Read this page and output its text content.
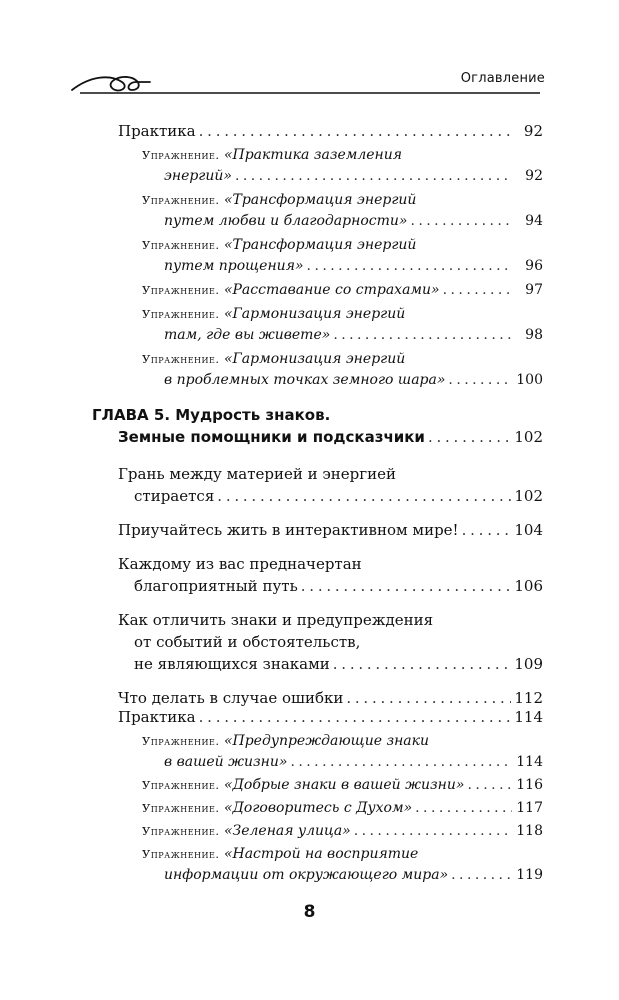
Оглавление
Практика . . .	92
Упражнение.
«Практика заземления
энергий» . . .	92
Упражнение.
«Трансформация энергий
путем любви и благодарности» . . .	94
Упражнение.
«Трансформация энергий
путем прощения» . . .	96
Упражнение.
«Расставание со страхами» . . .	97
Упражнение.
«Гармонизация энергий
там, где вы живете» . . .	98
Упражнение.
«Гармонизация энергий
в проблемных точках земного шара» . . .	100
ГЛАВА 5. Мудрость знаков.
Земные помощники и подсказчики . . .	102
Грань между материей и энергией
стирается . . .	102
Приучайтесь жить в интерактивном мире! . . .	104
Каждому из вас предначертан
благоприятный путь . . .	106
Как отличить знаки и предупреждения
от событий и обстоятельств,
не являющихся знаками . . .	109
Что делать в случае ошибки . . .	112
Практика . . .	114
Упражнение.
«Предупреждающие знаки
в вашей жизни» . . .	114
Упражнение.
«Добрые знаки в вашей жизни» . . .	116
Упражнение.
«Договоритесь с Духом» . . .	117
Упражнение.
«Зеленая улица» . . .	118
Упражнение.
«Настрой на восприятие
информации от окружающего мира» . . .	119
8
